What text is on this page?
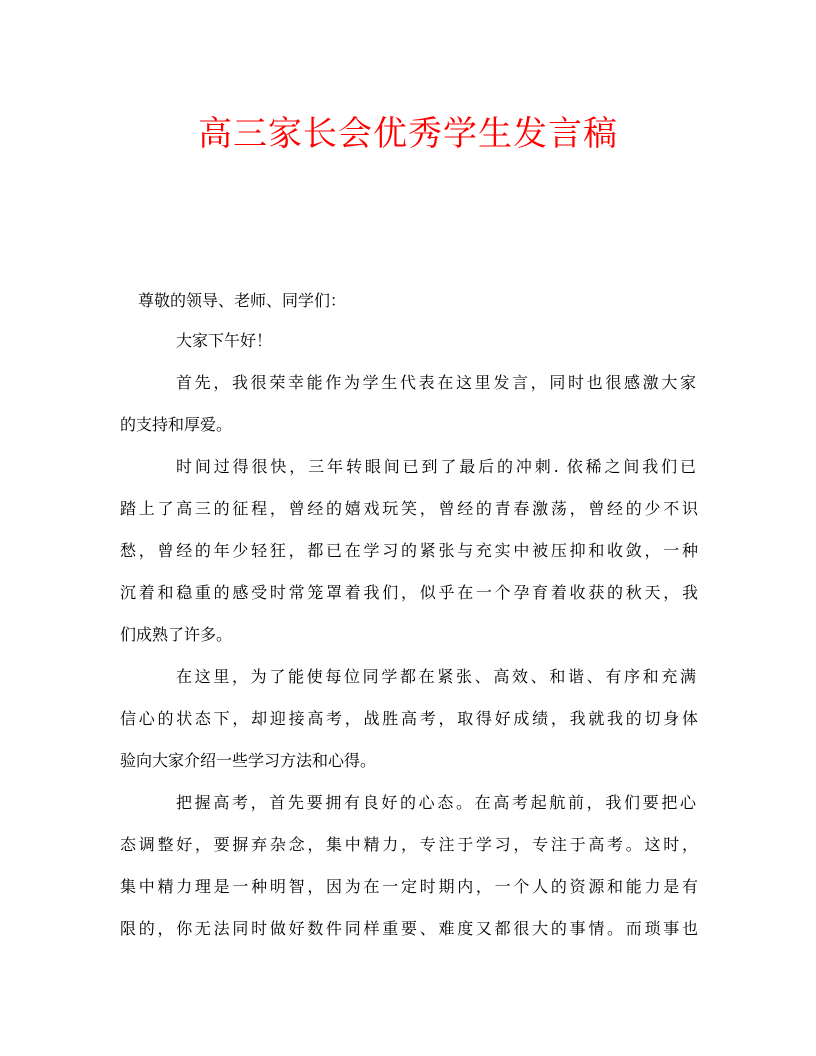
高三家长会优秀学生发言稿
尊敬的领导、老师、同学们：
大家下午好！
首先，我很荣幸能作为学生代表在这里发言，同时也很感激大家
的支持和厚爱。
时间过得很快，三年转眼间已到了最后的冲刺. 依稀之间我们已
踏上了高三的征程，曾经的嬉戏玩笑，曾经的青春激荡，曾经的少不识
愁，曾经的年少轻狂，都已在学习的紧张与充实中被压抑和收敛，一种
沉着和稳重的感受时常笼罩着我们，似乎在一个孕育着收获的秋天，我
们成熟了许多。
在这里，为了能使每位同学都在紧张、高效、和谐、有序和充满
信心的状态下，却迎接高考，战胜高考，取得好成绩，我就我的切身体
验向大家介绍一些学习方法和心得。
把握高考，首先要拥有良好的心态。在高考起航前，我们要把心
态调整好，要摒弃杂念，集中精力，专注于学习，专注于高考。这时，
集中精力理是一种明智，因为在一定时期内，一个人的资源和能力是有
限的，你无法同时做好数件同样重要、难度又都很大的事情。而琐事也
